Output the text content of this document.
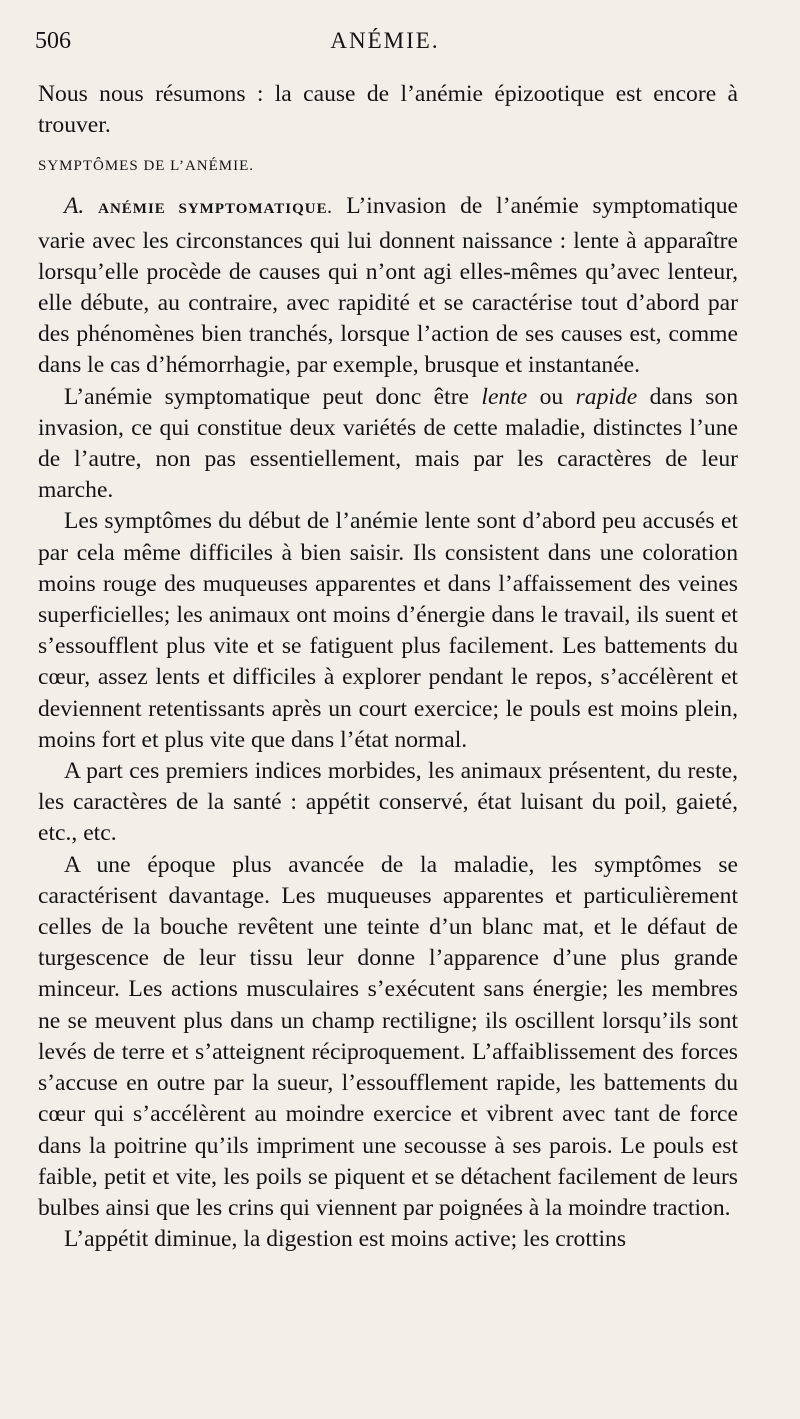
506	ANÉMIE.

Nous nous résumons : la cause de l’anémie épizootique est encore à trouver.

SYMPTÔMES DE L’ANÉMIE.

A. ANÉMIE SYMPTOMATIQUE. L’invasion de l’anémie symptomatique varie avec les circonstances qui lui donnent naissance : lente à apparaître lorsqu’elle procède de causes qui n’ont agi elles-mêmes qu’avec lenteur, elle débute, au contraire, avec rapidité et se caractérise tout d’abord par des phénomènes bien tranchés, lorsque l’action de ses causes est, comme dans le cas d’hémorrhagie, par exemple, brusque et instantanée.

L’anémie symptomatique peut donc être lente ou rapide dans son invasion, ce qui constitue deux variétés de cette maladie, distinctes l’une de l’autre, non pas essentiellement, mais par les caractères de leur marche.

Les symptômes du début de l’anémie lente sont d’abord peu accusés et par cela même difficiles à bien saisir. Ils consistent dans une coloration moins rouge des muqueuses apparentes et dans l’affaissement des veines superficielles; les animaux ont moins d’énergie dans le travail, ils suent et s’essoufflent plus vite et se fatiguent plus facilement. Les battements du cœur, assez lents et difficiles à explorer pendant le repos, s’accélèrent et deviennent retentissants après un court exercice; le pouls est moins plein, moins fort et plus vite que dans l’état normal.

A part ces premiers indices morbides, les animaux présentent, du reste, les caractères de la santé : appétit conservé, état luisant du poil, gaieté, etc., etc.

A une époque plus avancée de la maladie, les symptômes se caractérisent davantage. Les muqueuses apparentes et particulièrement celles de la bouche revêtent une teinte d’un blanc mat, et le défaut de turgescence de leur tissu leur donne l’apparence d’une plus grande minceur. Les actions musculaires s’exécutent sans énergie; les membres ne se meuvent plus dans un champ rectiligne; ils oscillent lorsqu’ils sont levés de terre et s’atteignent réciproquement. L’affaiblissement des forces s’accuse en outre par la sueur, l’essoufflement rapide, les battements du cœur qui s’accélèrent au moindre exercice et vibrent avec tant de force dans la poitrine qu’ils impriment une secousse à ses parois. Le pouls est faible, petit et vite, les poils se piquent et se détachent facilement de leurs bulbes ainsi que les crins qui viennent par poignées à la moindre traction.

L’appétit diminue, la digestion est moins active; les crottins
